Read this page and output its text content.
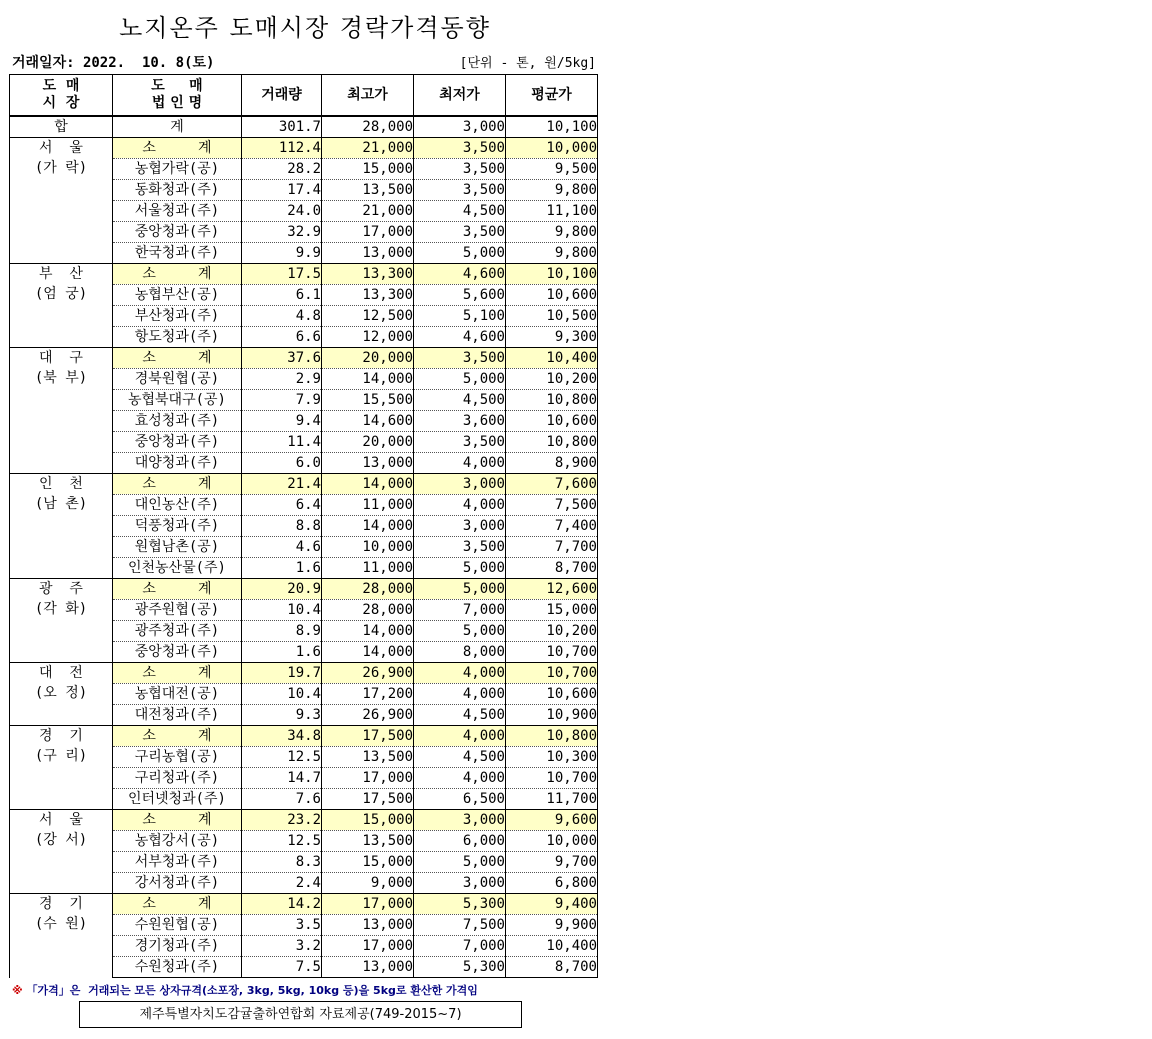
노지온주 도매시장 경락가격동향
거래일자: 2022.  10. 8(토)	[단위 - 톤, 원/5kg]
도  매
시  장	도     매
법 인 명	거래량	최고가	최저가	평균가
합	계	301.7	28,000	3,000	10,100
서  울
(가 락)	소     계	112.4	21,000	3,500	10,000
	농협가락(공)	28.2	15,000	3,500	9,500
	동화청과(주)	17.4	13,500	3,500	9,800
	서울청과(주)	24.0	21,000	4,500	11,100
	중앙청과(주)	32.9	17,000	3,500	9,800
	한국청과(주)	9.9	13,000	5,000	9,800
부  산
(엄 궁)	소     계	17.5	13,300	4,600	10,100
	농협부산(공)	6.1	13,300	5,600	10,600
	부산청과(주)	4.8	12,500	5,100	10,500
	항도청과(주)	6.6	12,000	4,600	9,300
대  구
(북 부)	소     계	37.6	20,000	3,500	10,400
	경북원협(공)	2.9	14,000	5,000	10,200
	농협북대구(공)	7.9	15,500	4,500	10,800
	효성청과(주)	9.4	14,600	3,600	10,600
	중앙청과(주)	11.4	20,000	3,500	10,800
	대양청과(주)	6.0	13,000	4,000	8,900
인  천
(남 촌)	소     계	21.4	14,000	3,000	7,600
	대인농산(주)	6.4	11,000	4,000	7,500
	덕풍청과(주)	8.8	14,000	3,000	7,400
	원협남촌(공)	4.6	10,000	3,500	7,700
	인천농산물(주)	1.6	11,000	5,000	8,700
광  주
(각 화)	소     계	20.9	28,000	5,000	12,600
	광주원협(공)	10.4	28,000	7,000	15,000
	광주청과(주)	8.9	14,000	5,000	10,200
	중앙청과(주)	1.6	14,000	8,000	10,700
대  전
(오 정)	소     계	19.7	26,900	4,000	10,700
	농협대전(공)	10.4	17,200	4,000	10,600
	대전청과(주)	9.3	26,900	4,500	10,900
경  기
(구 리)	소     계	34.8	17,500	4,000	10,800
	구리농협(공)	12.5	13,500	4,500	10,300
	구리청과(주)	14.7	17,000	4,000	10,700
	인터넷청과(주)	7.6	17,500	6,500	11,700
서  울
(강 서)	소     계	23.2	15,000	3,000	9,600
	농협강서(공)	12.5	13,500	6,000	10,000
	서부청과(주)	8.3	15,000	5,000	9,700
	강서청과(주)	2.4	9,000	3,000	6,800
경  기
(수 원)	소     계	14.2	17,000	5,300	9,400
	수원원협(공)	3.5	13,000	7,500	9,900
	경기청과(주)	3.2	17,000	7,000	10,400
	수원청과(주)	7.5	13,000	5,300	8,700
※ 「가격」은  거래되는 모든 상자규격(소포장, 3kg, 5kg, 10kg 등)을 5kg로 환산한 가격임
제주특별자치도감귤출하연합회 자료제공(749-2015~7)
